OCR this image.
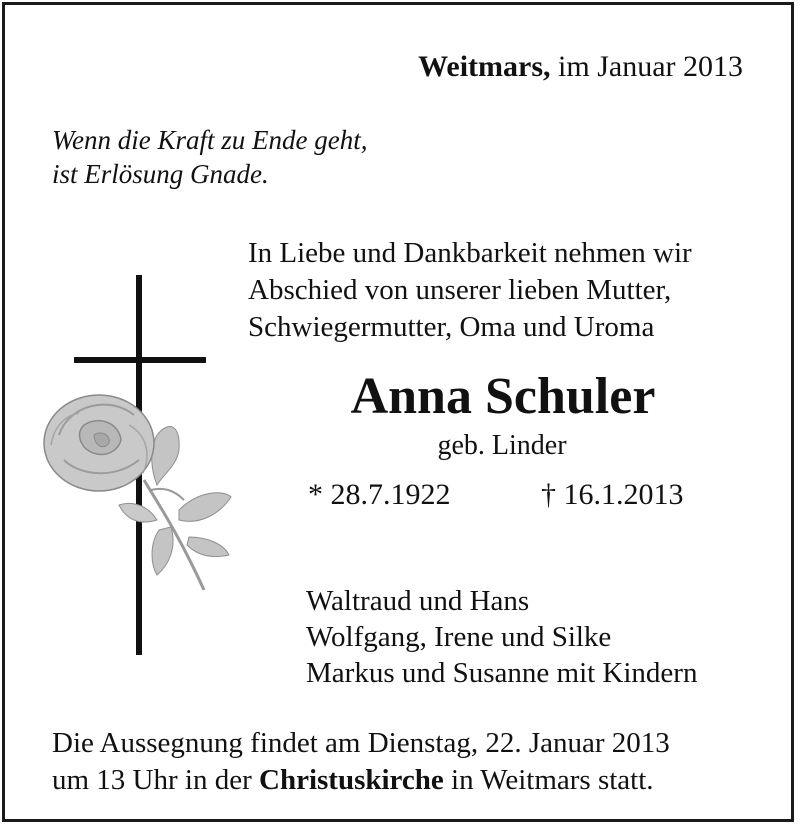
Weitmars, im Januar 2013
Wenn die Kraft zu Ende geht,
ist Erlösung Gnade.
In Liebe und Dankbarkeit nehmen wir
Abschied von unserer lieben Mutter,
Schwiegermutter, Oma und Uroma
Anna Schuler
geb. Linder
* 28.7.1922	† 16.1.2013
Waltraud und Hans
Wolfgang, Irene und Silke
Markus und Susanne mit Kindern
Die Aussegnung findet am Dienstag, 22. Januar 2013
um 13 Uhr in der Christuskirche in Weitmars statt.
